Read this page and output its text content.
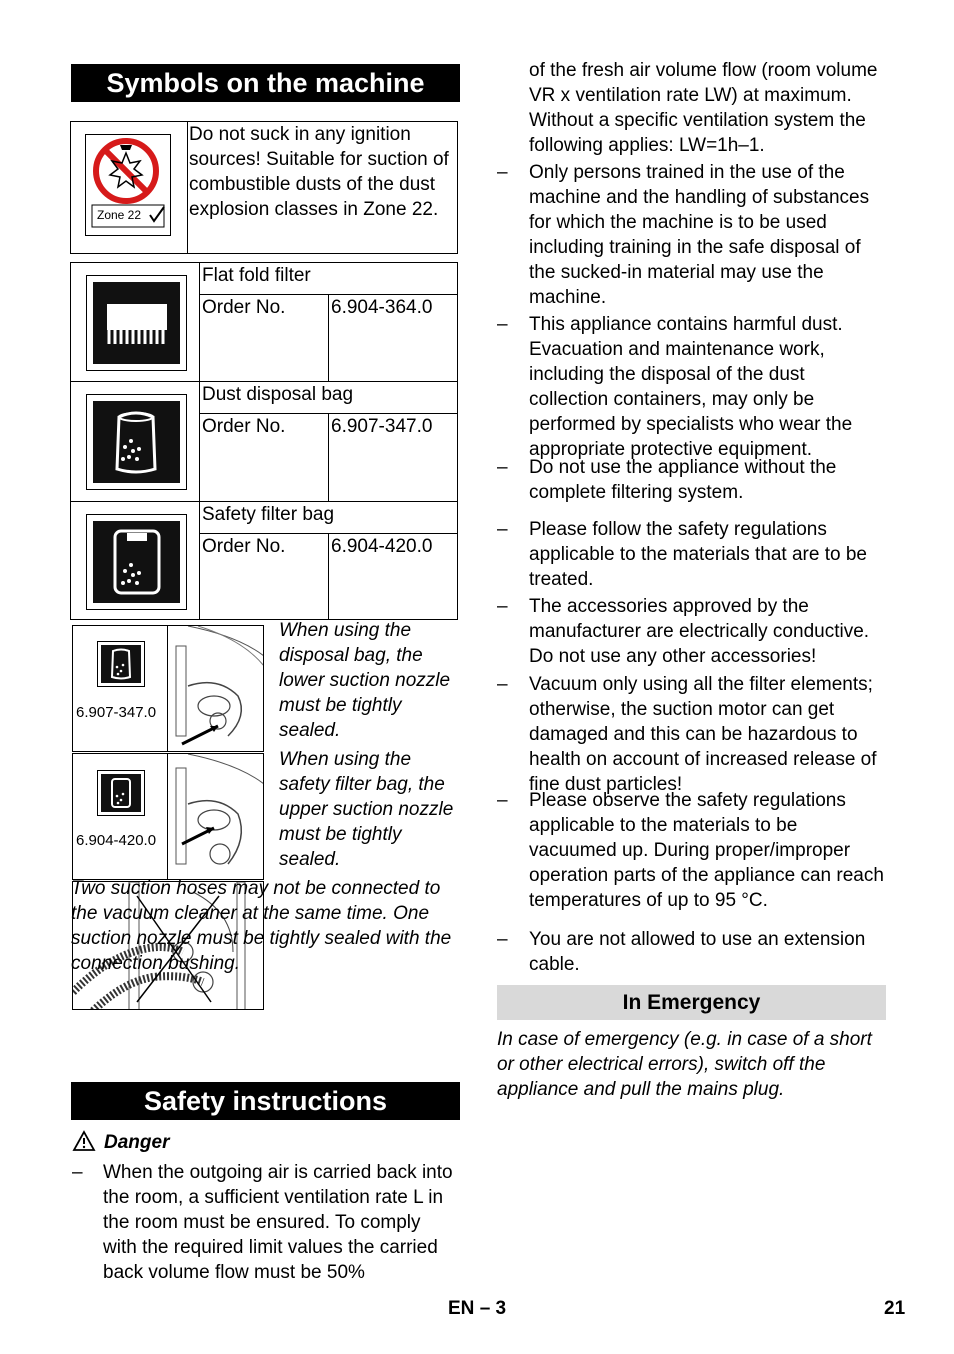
Symbols on the machine
Zone 22
Do not suck in any ignition sources! Suitable for suction of combustible dusts of the dust explosion classes in Zone 22.
Flat fold filter
Order No. 6.904-364.0
Dust disposal bag
Order No. 6.907-347.0
Safety filter bag
Order No. 6.904-420.0
6.907-347.0
When using the disposal bag, the lower suction nozzle must be tightly sealed.
6.904-420.0
When using the safety filter bag, the upper suction nozzle must be tightly sealed.
Two suction hoses may not be connected to the vacuum cleaner at the same time. One suction nozzle must be tightly sealed with the connection bushing.
Safety instructions
Danger
– When the outgoing air is carried back into the room, a sufficient ventilation rate L in the room must be ensured. To comply with the required limit values the carried back volume flow must be 50%
of the fresh air volume flow (room volume VR x ventilation rate LW) at maximum. Without a specific ventilation system the following applies: LW=1h–1.
– Only persons trained in the use of the machine and the handling of substances for which the machine is to be used including training in the safe disposal of the sucked-in material may use the machine.
– This appliance contains harmful dust. Evacuation and maintenance work, including the disposal of the dust collection containers, may only be performed by specialists who wear the appropriate protective equipment.
– Do not use the appliance without the complete filtering system.
– Please follow the safety regulations applicable to the materials that are to be treated.
– The accessories approved by the manufacturer are electrically conductive. Do not use any other accessories!
– Vacuum only using all the filter elements; otherwise, the suction motor can get damaged and this can be hazardous to health on account of increased release of fine dust particles!
– Please observe the safety regulations applicable to the materials to be vacuumed up. During proper/improper operation parts of the appliance can reach temperatures of up to 95 °C.
– You are not allowed to use an extension cable.
In Emergency
In case of emergency (e.g. in case of a short or other electrical errors), switch off the appliance and pull the mains plug.
EN – 3	21
